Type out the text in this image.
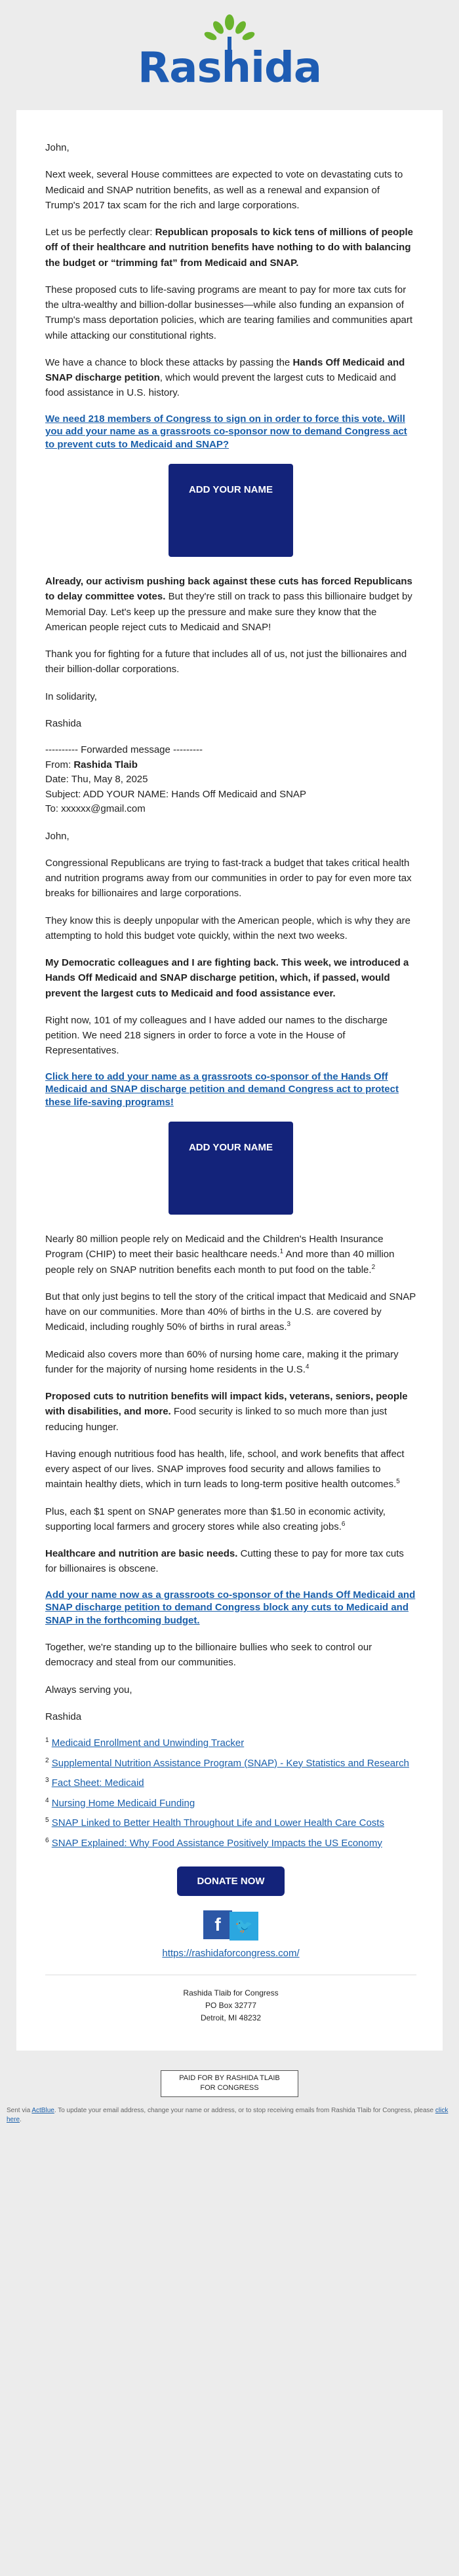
Rashida

John,

Next week, several House committees are expected to vote on devastating cuts to Medicaid and SNAP nutrition benefits, as well as a renewal and expansion of Trump's 2017 tax scam for the rich and large corporations.

Let us be perfectly clear: Republican proposals to kick tens of millions of people off of their healthcare and nutrition benefits have nothing to do with balancing the budget or “trimming fat” from Medicaid and SNAP.

These proposed cuts to life-saving programs are meant to pay for more tax cuts for the ultra-wealthy and billion-dollar businesses—while also funding an expansion of Trump's mass deportation policies, which are tearing families and communities apart while attacking our constitutional rights.

We have a chance to block these attacks by passing the Hands Off Medicaid and SNAP discharge petition, which would prevent the largest cuts to Medicaid and food assistance in U.S. history.

We need 218 members of Congress to sign on in order to force this vote. Will you add your name as a grassroots co-sponsor now to demand Congress act to prevent cuts to Medicaid and SNAP?
ADD YOUR NAME

Already, our activism pushing back against these cuts has forced Republicans to delay committee votes. But they're still on track to pass this billionaire budget by Memorial Day. Let's keep up the pressure and make sure they know that the American people reject cuts to Medicaid and SNAP!

Thank you for fighting for a future that includes all of us, not just the billionaires and their billion-dollar corporations.

In solidarity,

Rashida

---------- Forwarded message ---------
From: Rashida Tlaib
Date: Thu, May 8, 2025
Subject: ADD YOUR NAME: Hands Off Medicaid and SNAP
To: xxxxxx@gmail.com

John,

Congressional Republicans are trying to fast-track a budget that takes critical health and nutrition programs away from our communities in order to pay for even more tax breaks for billionaires and large corporations.

They know this is deeply unpopular with the American people, which is why they are attempting to hold this budget vote quickly, within the next two weeks.

My Democratic colleagues and I are fighting back. This week, we introduced a Hands Off Medicaid and SNAP discharge petition, which, if passed, would prevent the largest cuts to Medicaid and food assistance ever.

Right now, 101 of my colleagues and I have added our names to the discharge petition. We need 218 signers in order to force a vote in the House of Representatives.

Click here to add your name as a grassroots co-sponsor of the Hands Off Medicaid and SNAP discharge petition and demand Congress act to protect these life-saving programs!
ADD YOUR NAME

Nearly 80 million people rely on Medicaid and the Children's Health Insurance Program (CHIP) to meet their basic healthcare needs.$^1$ And more than 40 million people rely on SNAP nutrition benefits each month to put food on the table.$^2$

But that only just begins to tell the story of the critical impact that Medicaid and SNAP have on our communities. More than 40% of births in the U.S. are covered by Medicaid, including roughly 50% of births in rural areas.$^3$

Medicaid also covers more than 60% of nursing home care, making it the primary funder for the majority of nursing home residents in the U.S.$^4$

Proposed cuts to nutrition benefits will impact kids, veterans, seniors, people with disabilities, and more. Food security is linked to so much more than just reducing hunger.

Having enough nutritious food has health, life, school, and work benefits that affect every aspect of our lives. SNAP improves food security and allows families to maintain healthy diets, which in turn leads to long-term positive health outcomes.$^5$

Plus, each $1 spent on SNAP generates more than $1.50 in economic activity, supporting local farmers and grocery stores while also creating jobs.$^6$

Healthcare and nutrition are basic needs. Cutting these to pay for more tax cuts for billionaires is obscene.

Add your name now as a grassroots co-sponsor of the Hands Off Medicaid and SNAP discharge petition to demand Congress block any cuts to Medicaid and SNAP in the forthcoming budget.

Together, we're standing up to the billionaire bullies who seek to control our democracy and steal from our communities.

Always serving you,

Rashida

$^1$ Medicaid Enrollment and Unwinding Tracker
$^2$ Supplemental Nutrition Assistance Program (SNAP) - Key Statistics and Research
$^3$ Fact Sheet: Medicaid
$^4$ Nursing Home Medicaid Funding
$^5$ SNAP Linked to Better Health Throughout Life and Lower Health Care Costs
$^6$ SNAP Explained: Why Food Assistance Positively Impacts the US Economy
DONATE NOW
f 🐦
https://rashidaforcongress.com/
Rashida Tlaib for Congress
PO Box 32777
Detroit, MI 48232
PAID FOR BY RASHIDA TLAIB FOR CONGRESS
Sent via ActBlue. To update your email address, change your name or address, or to stop receiving emails from Rashida Tlaib for Congress, please click here.
